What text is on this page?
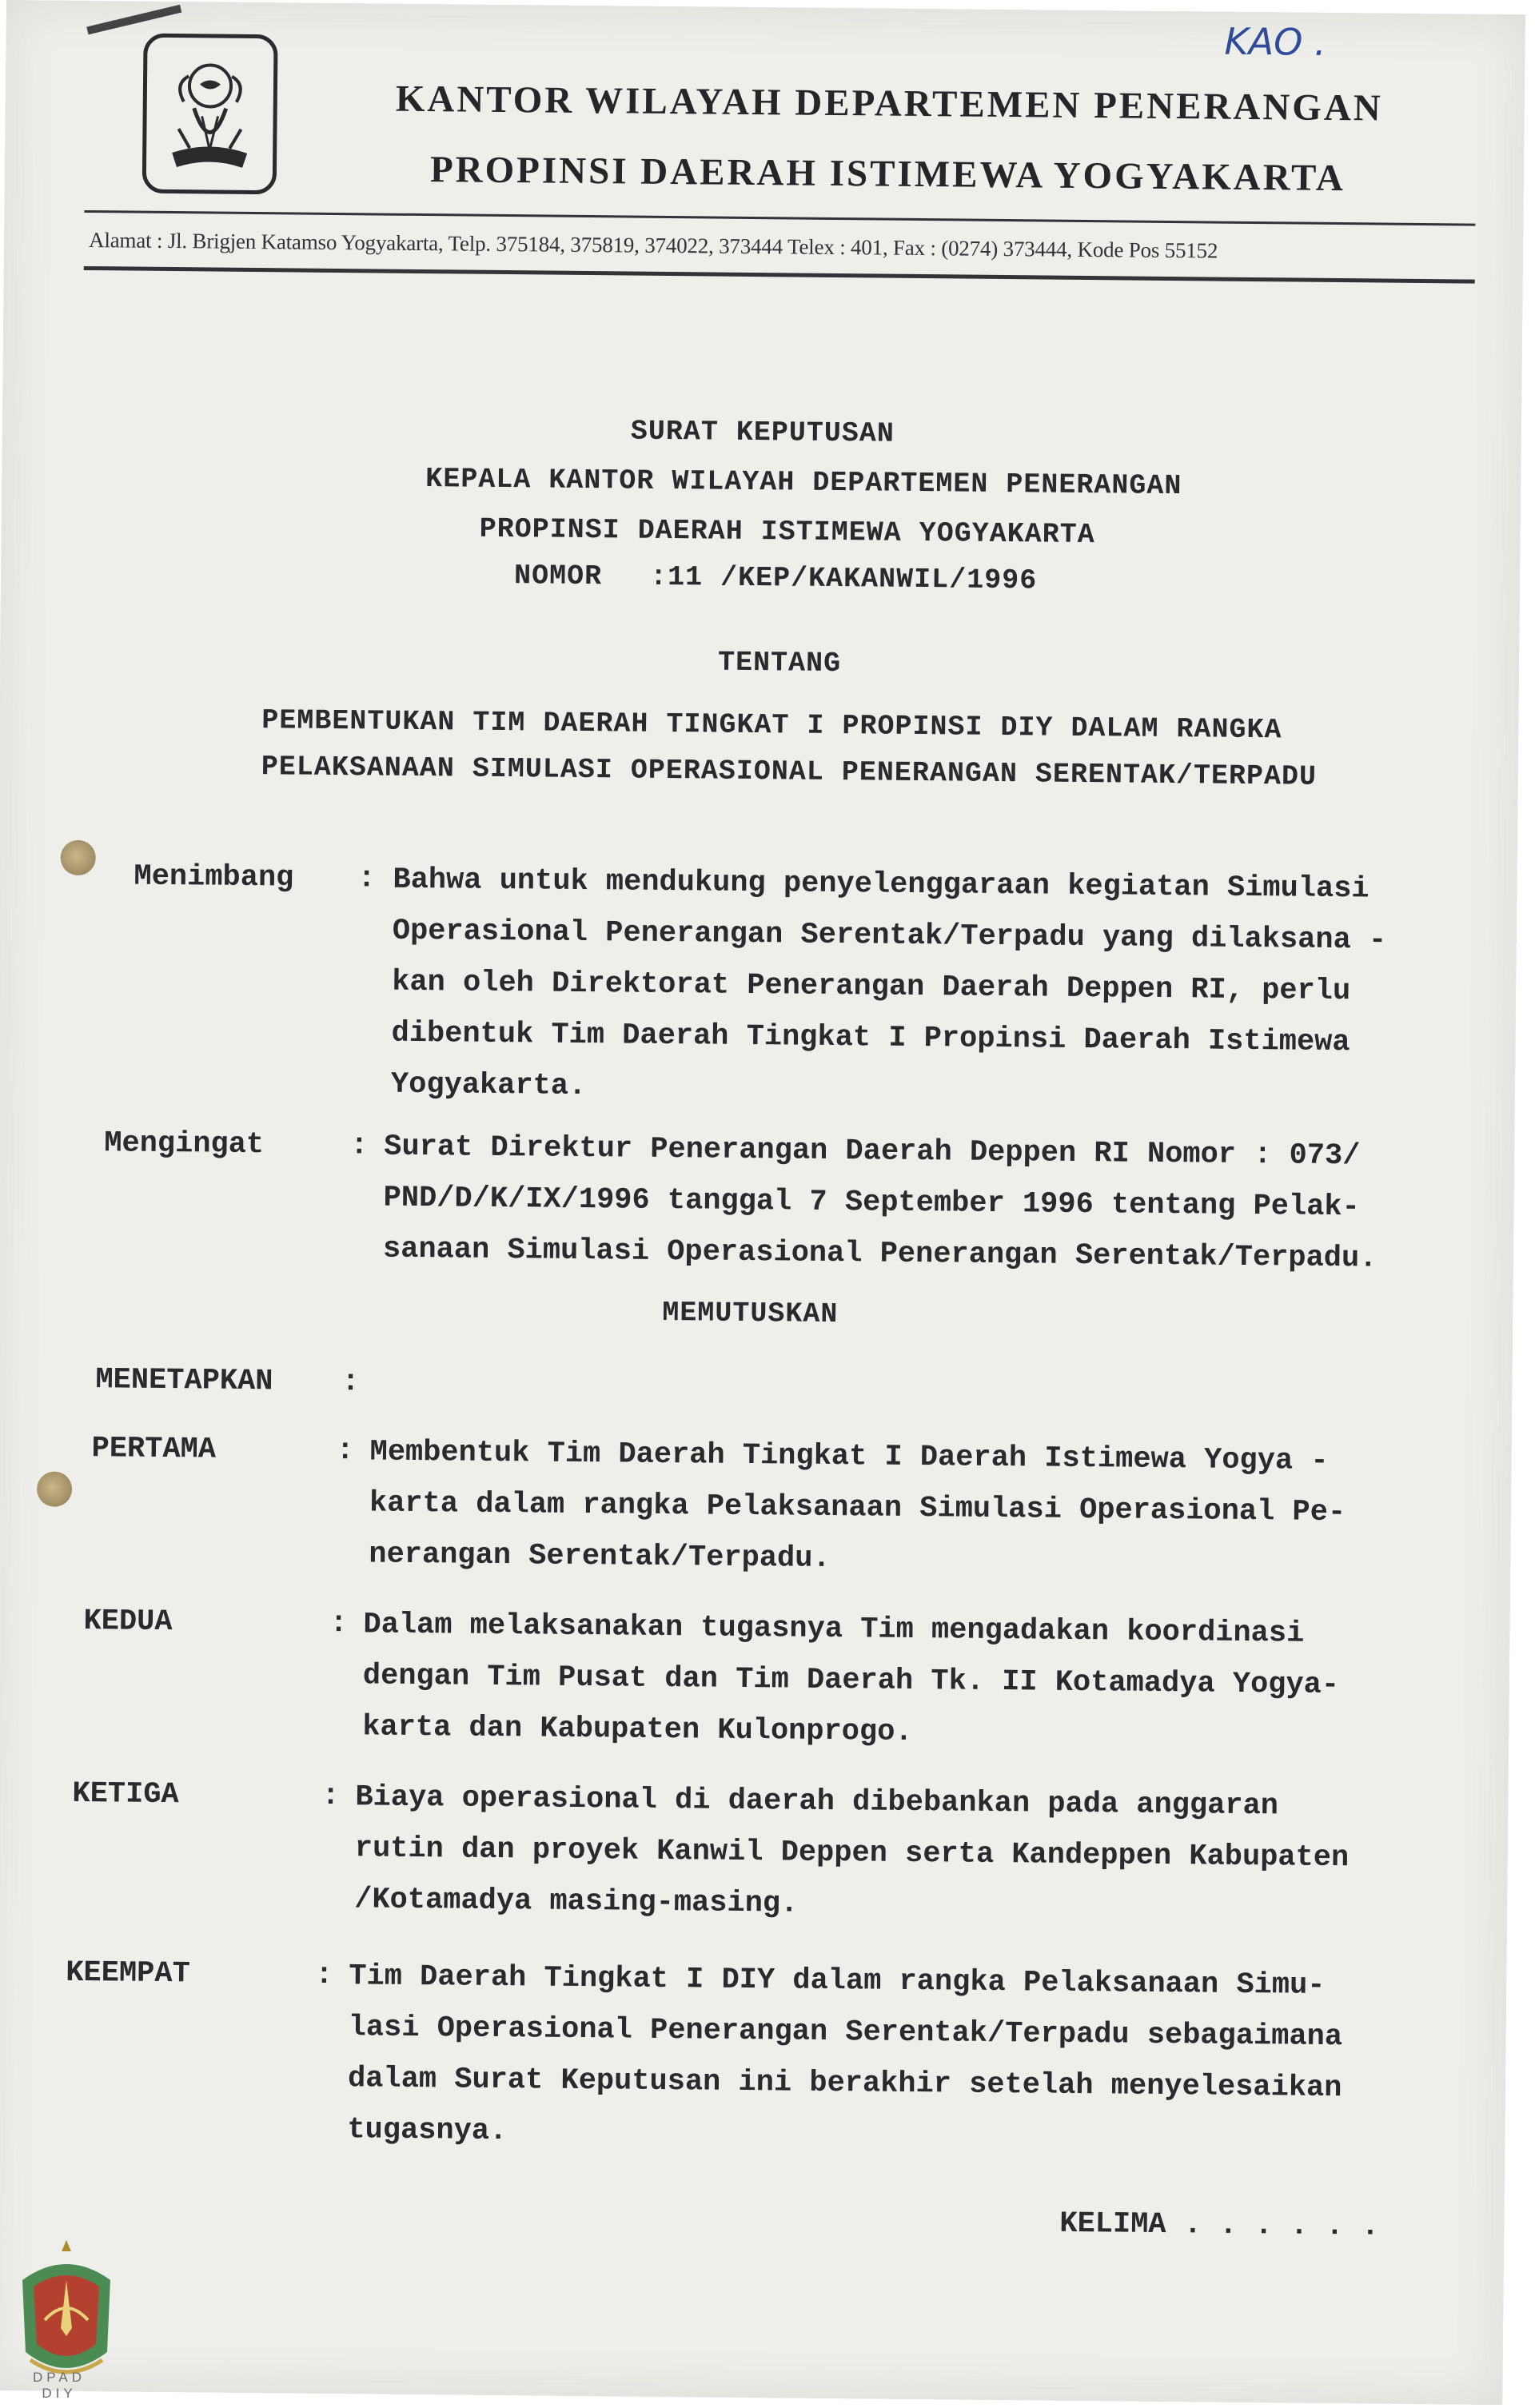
KAO .
KANTOR WILAYAH DEPARTEMEN PENERANGAN
PROPINSI DAERAH ISTIMEWA YOGYAKARTA
Alamat : Jl. Brigjen Katamso Yogyakarta, Telp. 375184, 375819, 374022, 373444 Telex : 401, Fax : (0274) 373444, Kode Pos 55152
SURAT KEPUTUSAN
KEPALA KANTOR WILAYAH DEPARTEMEN PENERANGAN
PROPINSI DAERAH ISTIMEWA YOGYAKARTA
NOMOR :11 /KEP/KAKANWIL/1996
TENTANG
PEMBENTUKAN TIM DAERAH TINGKAT I PROPINSI DIY DALAM RANGKA
PELAKSANAAN SIMULASI OPERASIONAL PENERANGAN SERENTAK/TERPADU
Menimbang : Bahwa untuk mendukung penyelenggaraan kegiatan Simulasi
Operasional Penerangan Serentak/Terpadu yang dilaksana -
kan oleh Direktorat Penerangan Daerah Deppen RI, perlu
dibentuk Tim Daerah Tingkat I Propinsi Daerah Istimewa
Yogyakarta.
Mengingat	: Surat Direktur Penerangan Daerah Deppen RI Nomor : 073/
PND/D/K/IX/1996 tanggal 7 September 1996 tentang Pelak-
sanaan Simulasi Operasional Penerangan Serentak/Terpadu.
MEMUTUSKAN
MENETAPKAN :
PERTAMA	: Membentuk Tim Daerah Tingkat I Daerah Istimewa Yogya -
karta dalam rangka Pelaksanaan Simulasi Operasional Pe-
nerangan Serentak/Terpadu.
KEDUA	: Dalam melaksanakan tugasnya Tim mengadakan koordinasi
dengan Tim Pusat dan Tim Daerah Tk. II Kotamadya Yogya-
karta dan Kabupaten Kulonprogo.
KETIGA	: Biaya operasional di daerah dibebankan pada anggaran
rutin dan proyek Kanwil Deppen serta Kandeppen Kabupaten
/Kotamadya masing-masing.
KEEMPAT	: Tim Daerah Tingkat I DIY dalam rangka Pelaksanaan Simu-
lasi Operasional Penerangan Serentak/Terpadu sebagaimana
dalam Surat Keputusan ini berakhir setelah menyelesaikan
tugasnya.
KELIMA . . . . . .
DPAD
DIY
